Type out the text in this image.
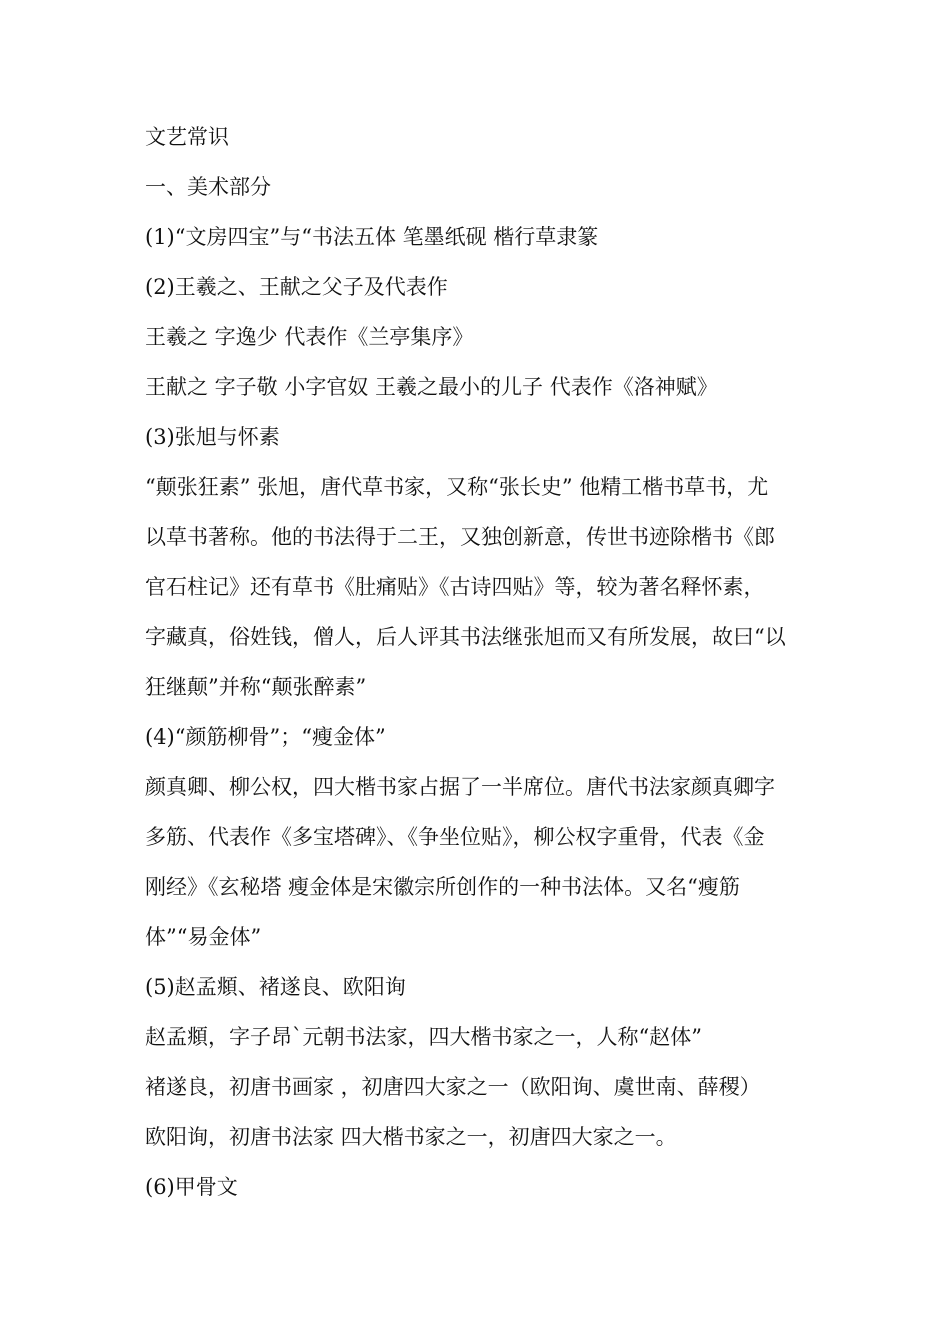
文艺常识
一、美术部分
(1)“文房四宝”与“书法五体 笔墨纸砚 楷行草隶篆
(2)王羲之、王献之父子及代表作
王羲之 字逸少 代表作《兰亭集序》
王献之 字子敬 小字官奴 王羲之最小的儿子 代表作《洛神赋》
(3)张旭与怀素
“颠张狂素” 张旭，唐代草书家，又称“张长史” 他精工楷书草书，尤
以草书著称。他的书法得于二王，又独创新意，传世书迹除楷书《郎
官石柱记》还有草书《肚痛贴》《古诗四贴》等，较为著名释怀素，
字藏真，俗姓钱，僧人，后人评其书法继张旭而又有所发展，故曰“以
狂继颠”并称“颠张醉素”
(4)“颜筋柳骨”；“瘦金体”
颜真卿、柳公权，四大楷书家占据了一半席位。唐代书法家颜真卿字
多筋、代表作《多宝塔碑》、《争坐位贴》，柳公权字重骨，代表《金
刚经》《玄秘塔 瘦金体是宋徽宗所创作的一种书法体。又名“瘦筋
体”“易金体”
(5)赵孟頫、褚遂良、欧阳询
赵孟頫，字子昂`元朝书法家，四大楷书家之一，人称“赵体”
褚遂良，初唐书画家 ，初唐四大家之一（欧阳询、虞世南、薛稷）
欧阳询，初唐书法家 四大楷书家之一，初唐四大家之一。
(6)甲骨文
